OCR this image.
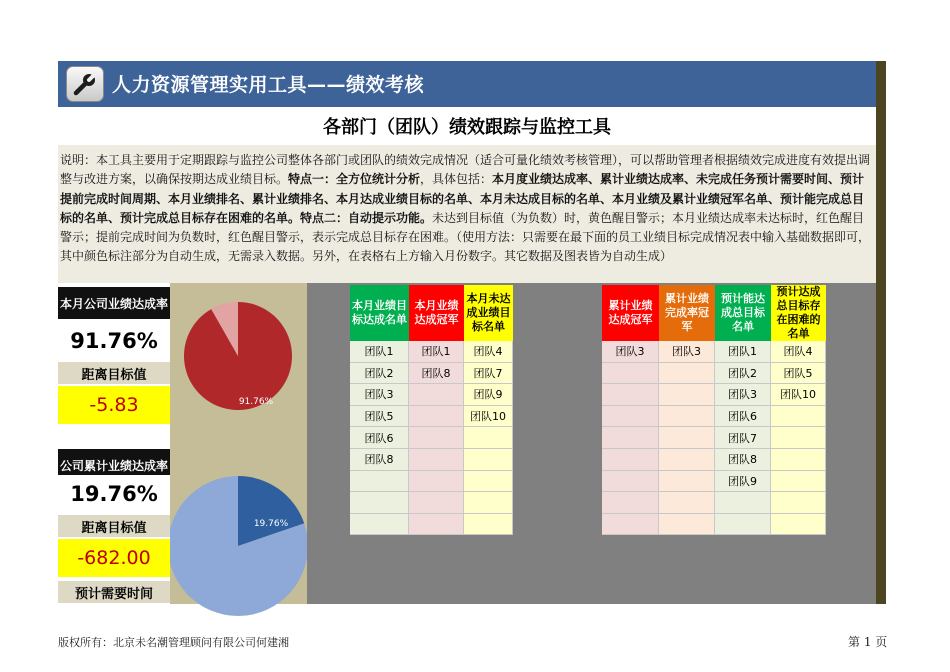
人力资源管理实用工具——绩效考核
各部门（团队）绩效跟踪与监控工具
说明：本工具主要用于定期跟踪与监控公司整体各部门或团队的绩效完成情况（适合可量化绩效考核管理），可以帮助管理者根据绩效完成进度有效提出调整与改进方案，以确保按期达成业绩目标。特点一：全方位统计分析，具体包括：本月度业绩达成率、累计业绩达成率、未完成任务预计需要时间、预计提前完成时间周期、本月业绩排名、累计业绩排名、本月达成业绩目标的名单、本月未达成目标的名单、本月业绩及累计业绩冠军名单、预计能完成总目标的名单、预计完成总目标存在困难的名单。特点二：自动提示功能。未达到目标值（为负数）时，黄色醒目警示；本月业绩达成率未达标时，红色醒目警示；提前完成时间为负数时，红色醒目警示，表示完成总目标存在困难。（使用方法：只需要在最下面的员工业绩目标完成情况表中输入基础数据即可，其中颜色标注部分为自动生成，无需录入数据。另外，在表格右上方输入月份数字。其它数据及图表皆为自动生成）
本月公司业绩达成率
91.76%
距离目标值
-5.83
公司累计业绩达成率
19.76%
距离目标值
-682.00
预计需要时间
91.76%
19.76%
本月业绩目标达成名单
团队1
团队2
团队3
团队5
团队6
团队8
本月业绩达成冠军
团队1
团队8
本月未达成业绩目标名单
团队4
团队7
团队9
团队10
累计业绩达成冠军
团队3
累计业绩完成率冠军
团队3
预计能达成总目标名单
团队1
团队2
团队3
团队6
团队7
团队8
团队9
预计达成总目标存在困难的名单
团队4
团队5
团队10
版权所有：北京未名潮管理顾问有限公司何建湘	第 1 页
